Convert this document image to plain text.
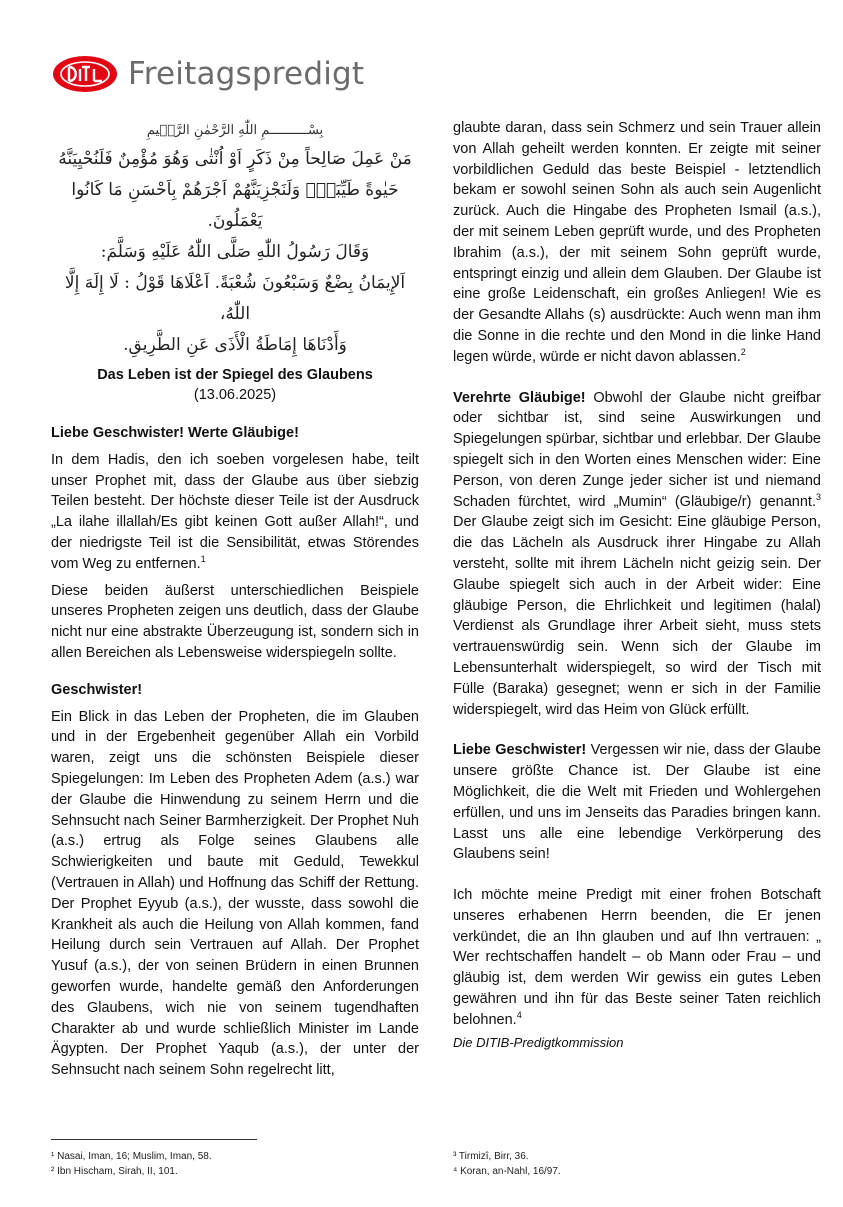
Freitagspredigt
بِسْــــــــــمِ اللّٰهِ الرَّحْمٰنِ الرَّح۪يمِ

مَنْ عَمِلَ صَالِحاً مِنْ ذَكَرٍ اَوْ اُنْثٰى وَهُوَ مُؤْمِنٌ فَلَنُحْيِيَنَّهُ

حَيٰوةً طَيِّبَةًۚ وَلَنَجْزِيَنَّهُمْ اَجْرَهُمْ بِاَحْسَنِ مَا كَانُوا يَعْمَلُونَ.

وَقَالَ رَسُولُ اللّٰهِ صَلَّى اللّٰهُ عَلَيْهِ وَسَلَّمَ:

اَلإِيمَانُ بِضْعٌ وَسَبْعُونَ شُعْبَةً. اَعْلَاهَا قَوْلُ : لَا إِلَهَ إِلَّا اللّٰهُ،

وَأَدْنَاهَا إِمَاطَةُ الْأَذَى عَنِ الطَّرِيقِ.

Das Leben ist der Spiegel des Glaubens
(13.06.2025)

Liebe Geschwister! Werte Gläubige!

In dem Hadis, den ich soeben vorgelesen habe, teilt unser Prophet mit, dass der Glaube aus über siebzig Teilen besteht. Der höchste dieser Teile ist der Ausdruck „La ilahe illallah/Es gibt keinen Gott außer Allah!“, und der niedrigste Teil ist die Sensibilität, etwas Störendes vom Weg zu entfernen.$^1$

Diese beiden äußerst unterschiedlichen Beispiele unseres Propheten zeigen uns deutlich, dass der Glaube nicht nur eine abstrakte Überzeugung ist, sondern sich in allen Bereichen als Lebensweise widerspiegeln sollte.

Geschwister!

Ein Blick in das Leben der Propheten, die im Glauben und in der Ergebenheit gegenüber Allah ein Vorbild waren, zeigt uns die schönsten Beispiele dieser Spiegelungen: Im Leben des Propheten Adem (a.s.) war der Glaube die Hinwendung zu seinem Herrn und die Sehnsucht nach Seiner Barmherzigkeit. Der Prophet Nuh (a.s.) ertrug als Folge seines Glaubens alle Schwierigkeiten und baute mit Geduld, Tewekkul (Vertrauen in Allah) und Hoffnung das Schiff der Rettung. Der Prophet Eyyub (a.s.), der wusste, dass sowohl die Krankheit als auch die Heilung von Allah kommen, fand Heilung durch sein Vertrauen auf Allah. Der Prophet Yusuf (a.s.), der von seinen Brüdern in einen Brunnen geworfen wurde, handelte gemäß den Anforderungen des Glaubens, wich nie von seinem tugendhaften Charakter ab und wurde schließlich Minister im Lande Ägypten. Der Prophet Yaqub (a.s.), der unter der Sehnsucht nach seinem Sohn regelrecht litt,

glaubte daran, dass sein Schmerz und sein Trauer allein von Allah geheilt werden konnten. Er zeigte mit seiner vorbildlichen Geduld das beste Beispiel - letztendlich bekam er sowohl seinen Sohn als auch sein Augenlicht zurück. Auch die Hingabe des Propheten Ismail (a.s.), der mit seinem Leben geprüft wurde, und des Propheten Ibrahim (a.s.), der mit seinem Sohn geprüft wurde, entspringt einzig und allein dem Glauben. Der Glaube ist eine große Leidenschaft, ein großes Anliegen! Wie es der Gesandte Allahs (s) ausdrückte: Auch wenn man ihm die Sonne in die rechte und den Mond in die linke Hand legen würde, würde er nicht davon ablassen.$^2$

Verehrte Gläubige! Obwohl der Glaube nicht greifbar oder sichtbar ist, sind seine Auswirkungen und Spiegelungen spürbar, sichtbar und erlebbar. Der Glaube spiegelt sich in den Worten eines Menschen wider: Eine Person, von deren Zunge jeder sicher ist und niemand Schaden fürchtet, wird „Mumin“ (Gläubige/r) genannt.$^3$ Der Glaube zeigt sich im Gesicht: Eine gläubige Person, die das Lächeln als Ausdruck ihrer Hingabe zu Allah versteht, sollte mit ihrem Lächeln nicht geizig sein. Der Glaube spiegelt sich auch in der Arbeit wider: Eine gläubige Person, die Ehrlichkeit und legitimen (halal) Verdienst als Grundlage ihrer Arbeit sieht, muss stets vertrauenswürdig sein. Wenn sich der Glaube im Lebensunterhalt widerspiegelt, so wird der Tisch mit Fülle (Baraka) gesegnet; wenn er sich in der Familie widerspiegelt, wird das Heim von Glück erfüllt.

Liebe Geschwister! Vergessen wir nie, dass der Glaube unsere größte Chance ist. Der Glaube ist eine Möglichkeit, die die Welt mit Frieden und Wohlergehen erfüllen, und uns im Jenseits das Paradies bringen kann. Lasst uns alle eine lebendige Verkörperung des Glaubens sein!

Ich möchte meine Predigt mit einer frohen Botschaft unseres erhabenen Herrn beenden, die Er jenen verkündet, die an Ihn glauben und auf Ihn vertrauen: „ Wer rechtschaffen handelt – ob Mann oder Frau – und gläubig ist, dem werden Wir gewiss ein gutes Leben gewähren und ihn für das Beste seiner Taten reichlich belohnen.$^4$

Die DITIB-Predigtkommission
¹ Nasai, Iman, 16; Muslim, Iman, 58.
² Ibn Hischam, Sirah, II, 101.
³ Tirmizî, Birr, 36.
⁴ Koran, an-Nahl, 16/97.
